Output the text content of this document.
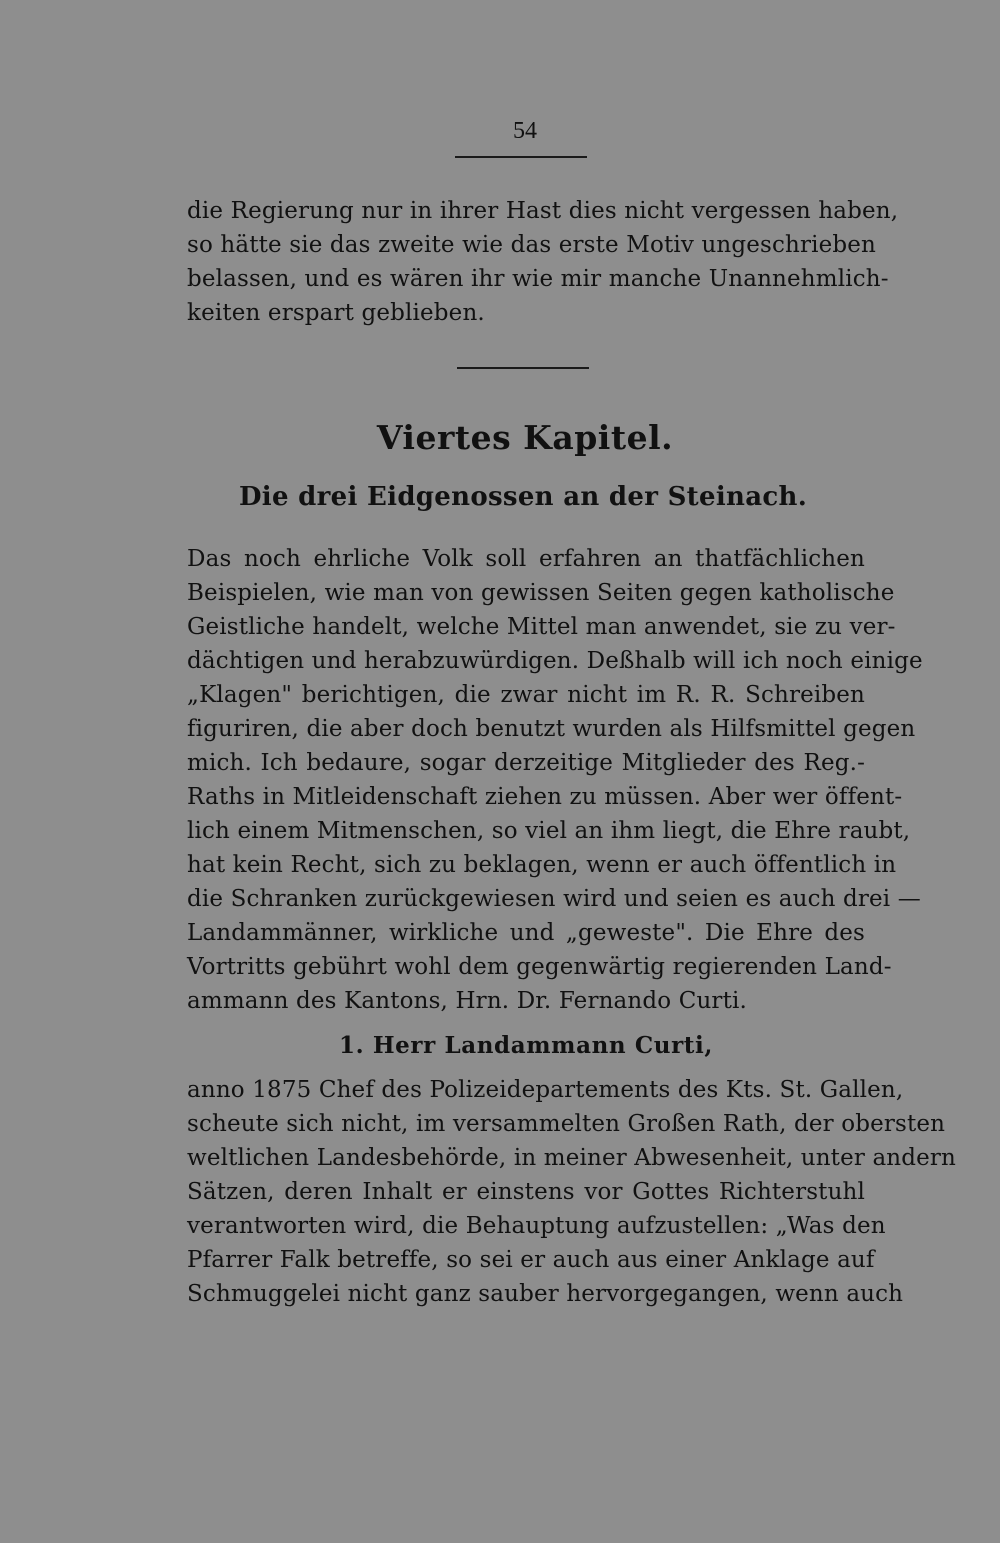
54
die Regierung nur in ihrer Hast dies nicht vergessen haben,
so hätte sie das zweite wie das erste Motiv ungeschrieben
belassen, und es wären ihr wie mir manche Unannehmlich-
keiten erspart geblieben.
Viertes Kapitel.
Die drei Eidgenossen an der Steinach.
Das noch ehrliche Volk soll erfahren an thatfächlichen
Beispielen, wie man von gewissen Seiten gegen katholische
Geistliche handelt, welche Mittel man anwendet, sie zu ver-
dächtigen und herabzuwürdigen. Deßhalb will ich noch einige
„Klagen" berichtigen, die zwar nicht im R. R. Schreiben
figuriren, die aber doch benutzt wurden als Hilfsmittel gegen
mich. Ich bedaure, sogar derzeitige Mitglieder des Reg.-
Raths in Mitleidenschaft ziehen zu müssen. Aber wer öffent-
lich einem Mitmenschen, so viel an ihm liegt, die Ehre raubt,
hat kein Recht, sich zu beklagen, wenn er auch öffentlich in
die Schranken zurückgewiesen wird und seien es auch drei —
Landammänner, wirkliche und „geweste". Die Ehre des
Vortritts gebührt wohl dem gegenwärtig regierenden Land-
ammann des Kantons, Hrn. Dr. Fernando Curti.
1. Herr Landammann Curti,
anno 1875 Chef des Polizeidepartements des Kts. St. Gallen,
scheute sich nicht, im versammelten Großen Rath, der obersten
weltlichen Landesbehörde, in meiner Abwesenheit, unter andern
Sätzen, deren Inhalt er einstens vor Gottes Richterstuhl
verantworten wird, die Behauptung aufzustellen: „Was den
Pfarrer Falk betreffe, so sei er auch aus einer Anklage auf
Schmuggelei nicht ganz sauber hervorgegangen, wenn auch
